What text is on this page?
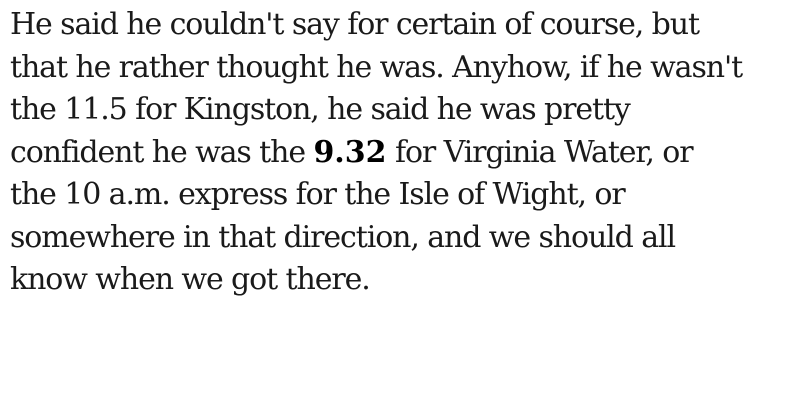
He said he couldn't say for certain of course, but
that he rather thought he was. Anyhow, if he wasn't
the 11.5 for Kingston, he said he was pretty
confident he was the 9.32 for Virginia Water, or
the 10 a.m. express for the Isle of Wight, or
somewhere in that direction, and we should all
know when we got there.
